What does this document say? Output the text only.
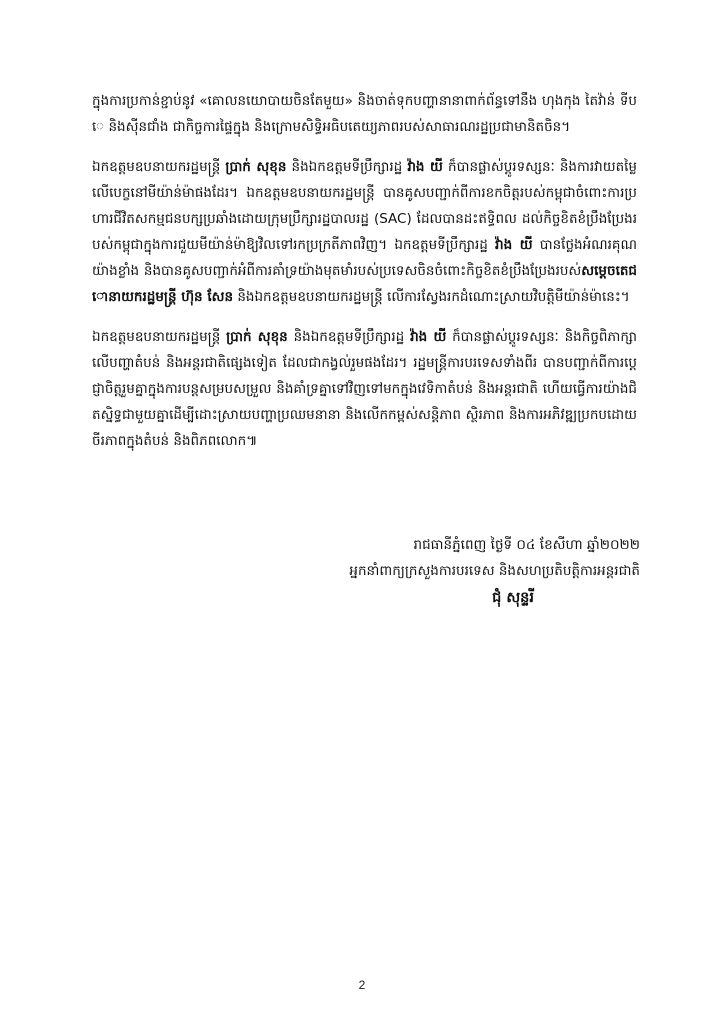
ក្នុងការប្រកាន់ខ្ជាប់នូវ «គោលនយោបាយចិនតែមួយ» និងចាត់ទុកបញ្ហានានាពាក់ព័ន្ធទៅនឹង ហុងកុង តៃវ៉ាន់ ទីបេ និងស៊ីនជាំង ជាកិច្ចការផ្ទៃក្នុង និងក្រោមសិទ្ធិអធិបតេយ្យភាពរបស់សាធារណរដ្ឋប្រជាមានិតចិន។

ឯកឧត្តមឧបនាយករដ្ឋមន្ត្រី ប្រាក់ សុខុន និងឯកឧត្តមទីប្រឹក្សារដ្ឋ វ៉ាង យី ក៏បានផ្លាស់ប្តូរទស្សនៈ និងការវាយតម្លៃលើបេក្ខនៅមីយ៉ាន់ម៉ាផងដែរ។ ឯកឧត្តមឧបនាយករដ្ឋមន្ត្រី បានគូសបញ្ជាក់ពីការខកចិត្តរបស់កម្ពុជាចំពោះការប្រហារជីវិតសកម្មជនបក្សប្រឆាំងដោយក្រុមប្រឹក្សារដ្ឋបាលរដ្ឋ (SAC) ដែលបានដះឥទ្ធិពល ដល់កិច្ចខិតខំប្រឹងប្រែងរបស់កម្ពុជាក្នុងការជួយមីយ៉ាន់ម៉ាឱ្យវិលទៅរកប្រក្រតីភាពវិញ។ ឯកឧត្តមទីប្រឹក្សារដ្ឋ វ៉ាង យី បានថ្លែងអំណរគុណយ៉ាងខ្លាំង និងបានគូសបញ្ជាក់អំពីការគាំទ្រយ៉ាងមុតមាំរបស់ប្រទេសចិនចំពោះកិច្ចខិតខំប្រឹងប្រែងរបស់សម្តេចតេជោនាយករដ្ឋមន្ត្រី ហ៊ុន សែន និងឯកឧត្តមឧបនាយករដ្ឋមន្ត្រី លើការស្វែងរកដំណោះស្រាយវិបត្តិមីយ៉ាន់ម៉ានេះ។

ឯកឧត្តមឧបនាយករដ្ឋមន្ត្រី ប្រាក់ សុខុន និងឯកឧត្តមទីប្រឹក្សារដ្ឋ វ៉ាង យី ក៏បានផ្លាស់ប្តូរទស្សនៈ និងកិច្ចពិភាក្សាលើបញ្ហាតំបន់ និងអន្តរជាតិផ្សេងទៀត ដែលជាកង្វល់រួមផងដែរ។ រដ្ឋមន្ត្រីការបរទេសទាំងពីរ បានបញ្ជាក់ពីការប្តេជ្ញាចិត្តរួមគ្នាក្នុងការបន្តសម្របសម្រួល និងគាំទ្រគ្នាទៅវិញទៅមកក្នុងវេទិកាតំបន់ និងអន្តរជាតិ ហើយធ្វើការយ៉ាងជិតស្និទ្ធជាមួយគ្នាដើម្បីដោះស្រាយបញ្ហាប្រឈមនានា និងលើកកម្ពស់សន្តិភាព ស្ថិរភាព និងការអភិវឌ្ឍប្រកបដោយចីរភាពក្នុងតំបន់ និងពិភពលោក៕

រាជធានីភ្នំពេញ ថ្ងៃទី ០៤ ខែសីហា ឆ្នាំ២០២២
អ្នកនាំពាក្យក្រសួងការបរទេស និងសហប្រតិបត្តិការអន្តរជាតិ
ជុំ សុន្ទរី
2
